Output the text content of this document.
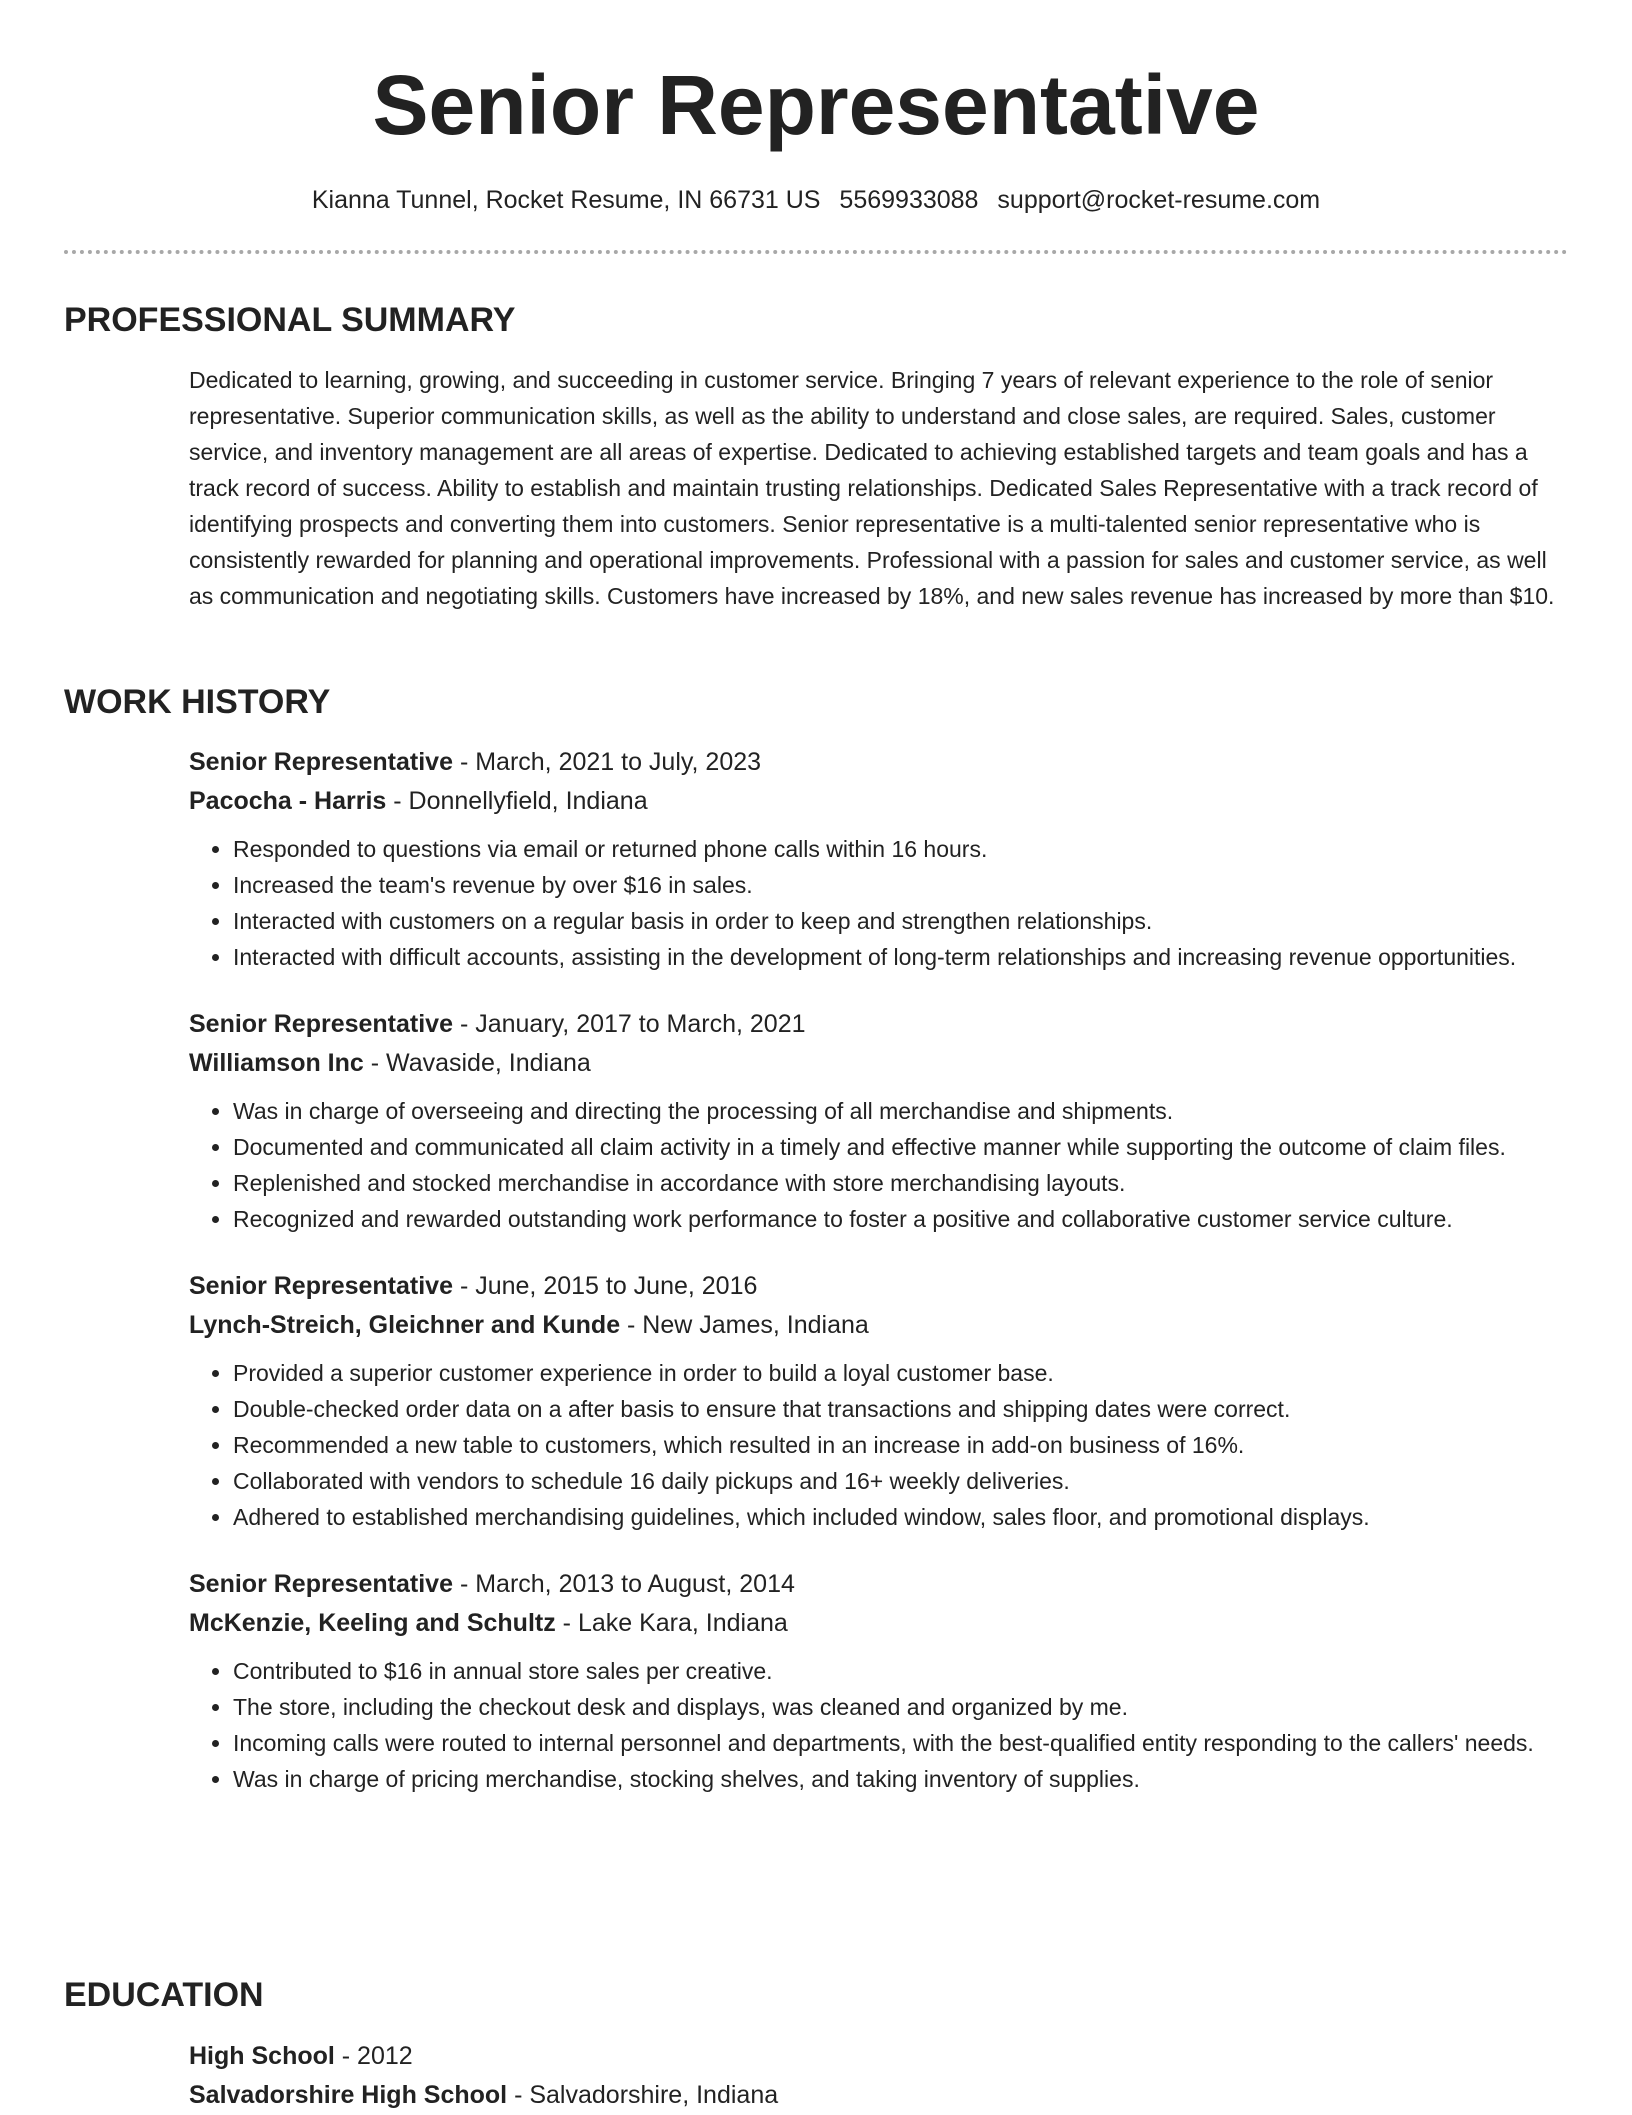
Senior Representative
Kianna Tunnel, Rocket Resume, IN 66731 US 5569933088 support@rocket-resume.com
PROFESSIONAL SUMMARY

Dedicated to learning, growing, and succeeding in customer service. Bringing 7 years of relevant experience to the role of senior representative. Superior communication skills, as well as the ability to understand and close sales, are required. Sales, customer service, and inventory management are all areas of expertise. Dedicated to achieving established targets and team goals and has a track record of success. Ability to establish and maintain trusting relationships. Dedicated Sales Representative with a track record of identifying prospects and converting them into customers. Senior representative is a multi-talented senior representative who is consistently rewarded for planning and operational improvements. Professional with a passion for sales and customer service, as well as communication and negotiating skills. Customers have increased by 18%, and new sales revenue has increased by more than $10.

WORK HISTORY

Senior Representative - March, 2021 to July, 2023

Pacocha - Harris - Donnellyfield, Indiana

• Responded to questions via email or returned phone calls within 16 hours.
• Increased the team's revenue by over $16 in sales.
• Interacted with customers on a regular basis in order to keep and strengthen relationships.
• Interacted with difficult accounts, assisting in the development of long-term relationships and increasing revenue opportunities.

Senior Representative - January, 2017 to March, 2021

Williamson Inc - Wavaside, Indiana

• Was in charge of overseeing and directing the processing of all merchandise and shipments.
• Documented and communicated all claim activity in a timely and effective manner while supporting the outcome of claim files.
• Replenished and stocked merchandise in accordance with store merchandising layouts.
• Recognized and rewarded outstanding work performance to foster a positive and collaborative customer service culture.

Senior Representative - June, 2015 to June, 2016

Lynch-Streich, Gleichner and Kunde - New James, Indiana

• Provided a superior customer experience in order to build a loyal customer base.
• Double-checked order data on a after basis to ensure that transactions and shipping dates were correct.
• Recommended a new table to customers, which resulted in an increase in add-on business of 16%.
• Collaborated with vendors to schedule 16 daily pickups and 16+ weekly deliveries.
• Adhered to established merchandising guidelines, which included window, sales floor, and promotional displays.

Senior Representative - March, 2013 to August, 2014

McKenzie, Keeling and Schultz - Lake Kara, Indiana

• Contributed to $16 in annual store sales per creative.
• The store, including the checkout desk and displays, was cleaned and organized by me.
• Incoming calls were routed to internal personnel and departments, with the best-qualified entity responding to the callers' needs.
• Was in charge of pricing merchandise, stocking shelves, and taking inventory of supplies.
EDUCATION

High School - 2012

Salvadorshire High School - Salvadorshire, Indiana
